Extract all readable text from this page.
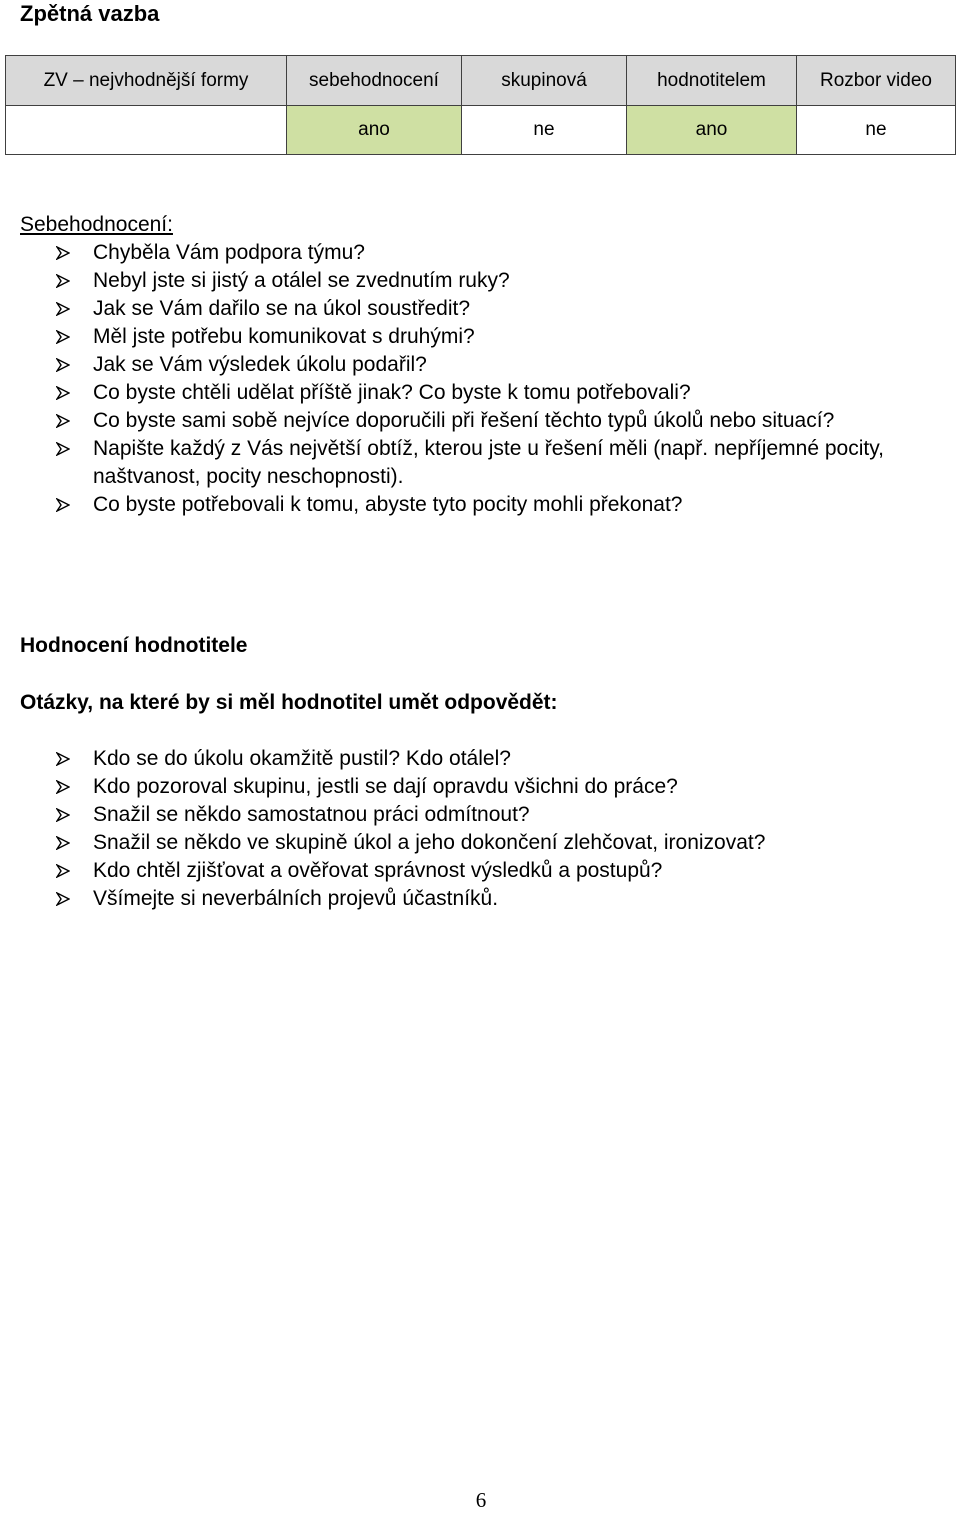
Zpětná vazba
ZV – nejvhodnější formy	sebehodnocení	skupinová	hodnotitelem	Rozbor video
	ano	ne	ano	ne
Sebehodnocení:
Chyběla Vám podpora týmu?
Nebyl jste si jistý a otálel se zvednutím ruky?
Jak se Vám dařilo se na úkol soustředit?
Měl jste potřebu komunikovat s druhými?
Jak se Vám výsledek úkolu podařil?
Co byste chtěli udělat příště jinak? Co byste k tomu potřebovali?
Co byste sami sobě nejvíce doporučili při řešení těchto typů úkolů nebo situací?
Napište každý z Vás největší obtíž, kterou jste u řešení měli (např. nepříjemné pocity, naštvanost, pocity neschopnosti).
Co byste potřebovali k tomu, abyste tyto pocity mohli překonat?
Hodnocení hodnotitele
Otázky, na které by si měl hodnotitel umět odpovědět:
Kdo se do úkolu okamžitě pustil? Kdo otálel?
Kdo pozoroval skupinu, jestli se dají opravdu všichni do práce?
Snažil se někdo samostatnou práci odmítnout?
Snažil se někdo ve skupině úkol a jeho dokončení zlehčovat, ironizovat?
Kdo chtěl zjišťovat a ověřovat správnost výsledků a postupů?
Všímejte si neverbálních projevů účastníků.
6
